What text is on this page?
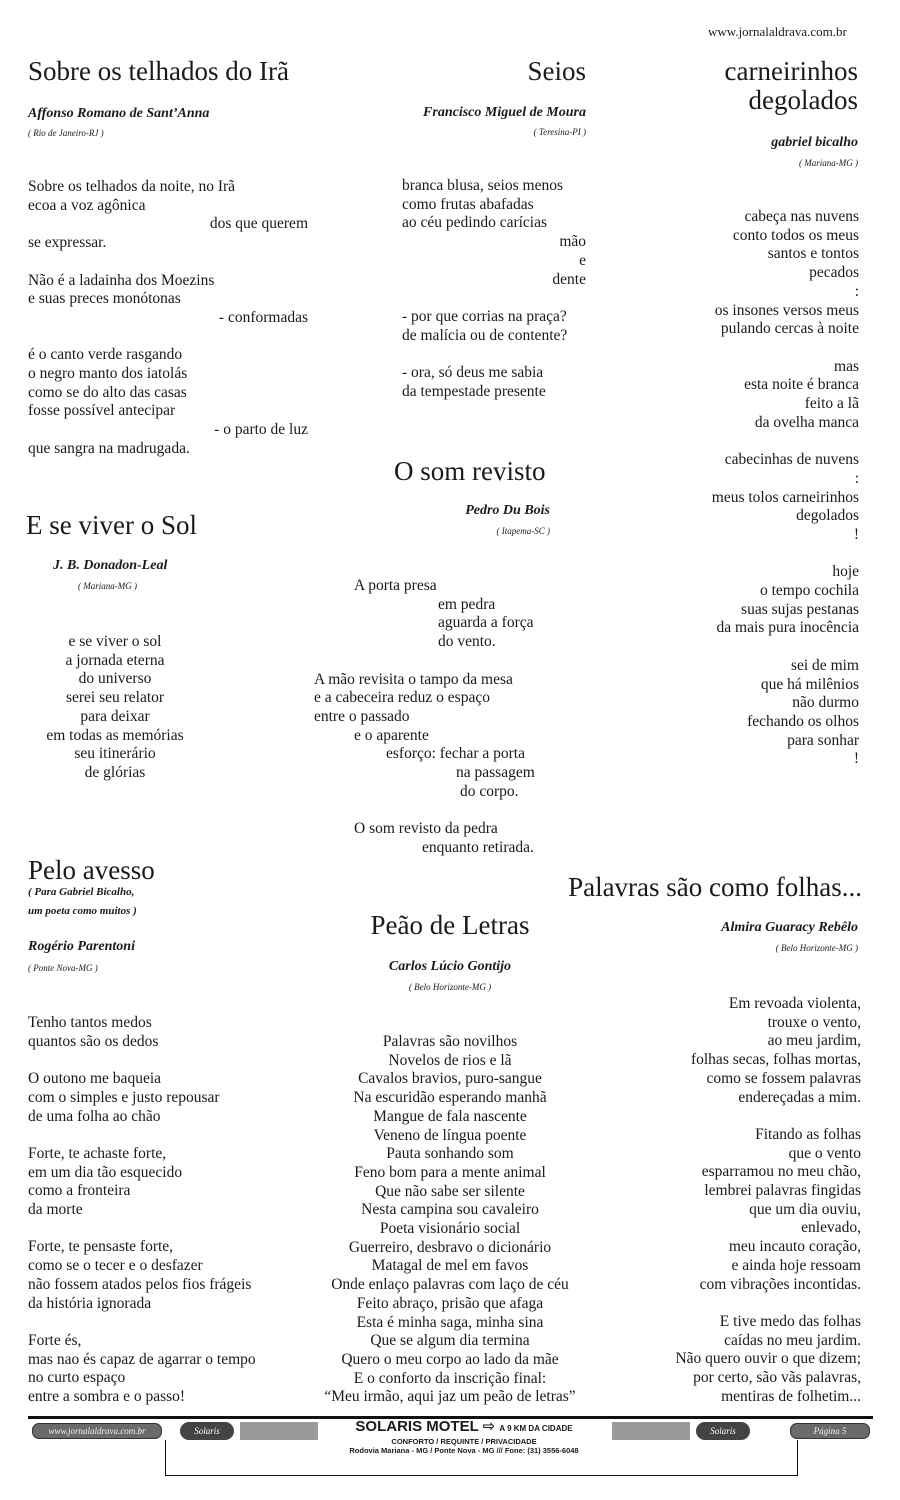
www.jornalaldrava.com.br
Sobre os telhados do Irã
Affonso Romano de Sant’Anna
( Rio de Janeiro-RJ )
Sobre os telhados da noite, no Irã
ecoa a voz agônica
dos que querem
se expressar.
Não é a ladainha dos Moezins
e suas preces monótonas
- conformadas
é o canto verde rasgando
o negro manto dos iatolás
como se do alto das casas
fosse possível antecipar
- o parto de luz
que sangra na madrugada.
Seios
Francisco Miguel de Moura
( Teresina-PI )
branca blusa, seios menos
como frutas abafadas
ao céu pedindo carícias
mão
e
dente
- por que corrias na praça?
de malícia ou de contente?
- ora, só deus me sabia
da tempestade presente
carneirinhos
degolados
gabriel bicalho
( Mariana-MG )
cabeça nas nuvens
conto todos os meus
santos e tontos
pecados
:
os insones versos meus
pulando cercas à noite
mas
esta noite é branca
feito a lã
da ovelha manca
cabecinhas de nuvens
:
meus tolos carneirinhos
degolados
!
hoje
o tempo cochila
suas sujas pestanas
da mais pura inocência
sei de mim
que há milênios
não durmo
fechando os olhos
para sonhar
!
O som revisto
Pedro Du Bois
( Itapema-SC )
A porta presa
em pedra
aguarda a força
do vento.
A mão revisita o tampo da mesa
e a cabeceira reduz o espaço
entre o passado
e o aparente
esforço: fechar a porta
na passagem
do corpo.
O som revisto da pedra
enquanto retirada.
E se viver o Sol
J. B. Donadon-Leal
( Mariana-MG )
e se viver o sol
a jornada eterna
do universo
serei seu relator
para deixar
em todas as memórias
seu itinerário
de glórias
Pelo avesso
( Para Gabriel Bicalho,
um poeta como muitos )
Rogério Parentoni
( Ponte Nova-MG )
Tenho tantos medos
quantos são os dedos
O outono me baqueia
com o simples e justo repousar
de uma folha ao chão
Forte, te achaste forte,
em um dia tão esquecido
como a fronteira
da morte
Forte, te pensaste forte,
como se o tecer e o desfazer
não fossem atados pelos fios frágeis
da história ignorada
Forte és,
mas nao és capaz de agarrar o tempo
no curto espaço
entre a sombra e o passo!
Peão de Letras
Carlos Lúcio Gontijo
( Belo Horizonte-MG )
Palavras são novilhos
Novelos de rios e lã
Cavalos bravios, puro-sangue
Na escuridão esperando manhã
Mangue de fala nascente
Veneno de língua poente
Pauta sonhando som
Feno bom para a mente animal
Que não sabe ser silente
Nesta campina sou cavaleiro
Poeta visionário social
Guerreiro, desbravo o dicionário
Matagal de mel em favos
Onde enlaço palavras com laço de céu
Feito abraço, prisão que afaga
Esta é minha saga, minha sina
Que se algum dia termina
Quero o meu corpo ao lado da mãe
E o conforto da inscrição final:
“Meu irmão, aqui jaz um peão de letras”
Palavras são como folhas...
Almira Guaracy Rebêlo
( Belo Horizonte-MG )
Em revoada violenta,
trouxe o vento,
ao meu jardim,
folhas secas, folhas mortas,
como se fossem palavras
endereçadas a mim.
Fitando as folhas
que o vento
esparramou no meu chão,
lembrei palavras fingidas
que um dia ouviu,
enlevado,
meu incauto coração,
e ainda hoje ressoam
com vibrações incontidas.
E tive medo das folhas
caídas no meu jardim.
Não quero ouvir o que dizem;
por certo, são vãs palavras,
mentiras de folhetim...
www.jornalaldrava.com.br	Solaris	SOLARIS MOTEL ⇨ A 9 KM DA CIDADE
CONFORTO / REQUINTE / PRIVACIDADE
Rodovia Mariana - MG / Ponte Nova - MG /// Fone: (31) 3556-6048
Solaris	Página 5
